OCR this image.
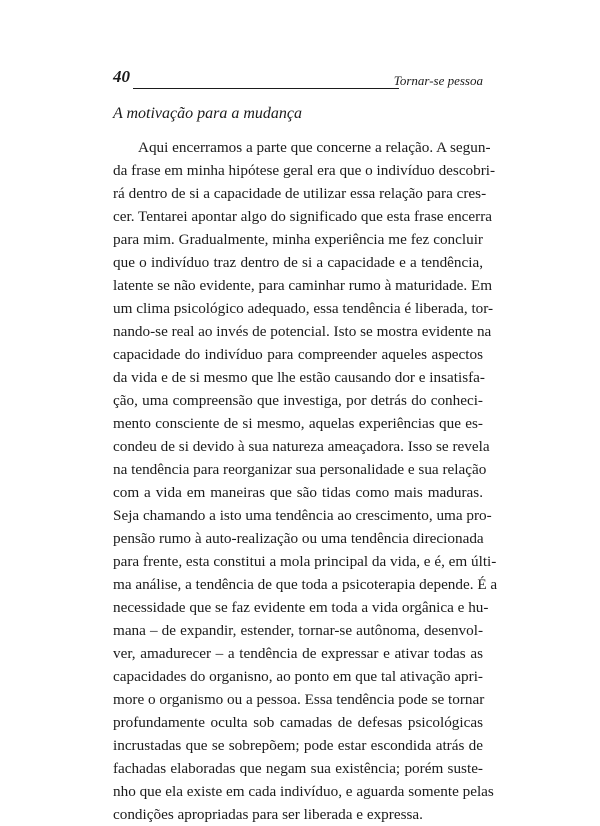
40	Tornar-se pessoa
A motivação para a mudança
Aqui encerramos a parte que concerne a relação. A segun-
da frase em minha hipótese geral era que o indivíduo descobri-
rá dentro de si a capacidade de utilizar essa relação para cres-
cer. Tentarei apontar algo do significado que esta frase encerra
para mim. Gradualmente, minha experiência me fez concluir
que o indivíduo traz dentro de si a capacidade e a tendência,
latente se não evidente, para caminhar rumo à maturidade. Em
um clima psicológico adequado, essa tendência é liberada, tor-
nando-se real ao invés de potencial. Isto se mostra evidente na
capacidade do indivíduo para compreender aqueles aspectos
da vida e de si mesmo que lhe estão causando dor e insatisfa-
ção, uma compreensão que investiga, por detrás do conheci-
mento consciente de si mesmo, aquelas experiências que es-
condeu de si devido à sua natureza ameaçadora. Isso se revela
na tendência para reorganizar sua personalidade e sua relação
com a vida em maneiras que são tidas como mais maduras.
Seja chamando a isto uma tendência ao crescimento, uma pro-
pensão rumo à auto-realização ou uma tendência direcionada
para frente, esta constitui a mola principal da vida, e é, em últi-
ma análise, a tendência de que toda a psicoterapia depende. É a
necessidade que se faz evidente em toda a vida orgânica e hu-
mana – de expandir, estender, tornar-se autônoma, desenvol-
ver, amadurecer – a tendência de expressar e ativar todas as
capacidades do organisno, ao ponto em que tal ativação apri-
more o organismo ou a pessoa. Essa tendência pode se tornar
profundamente oculta sob camadas de defesas psicológicas
incrustadas que se sobrepõem; pode estar escondida atrás de
fachadas elaboradas que negam sua existência; porém suste-
nho que ela existe em cada indivíduo, e aguarda somente pelas
condições apropriadas para ser liberada e expressa.
